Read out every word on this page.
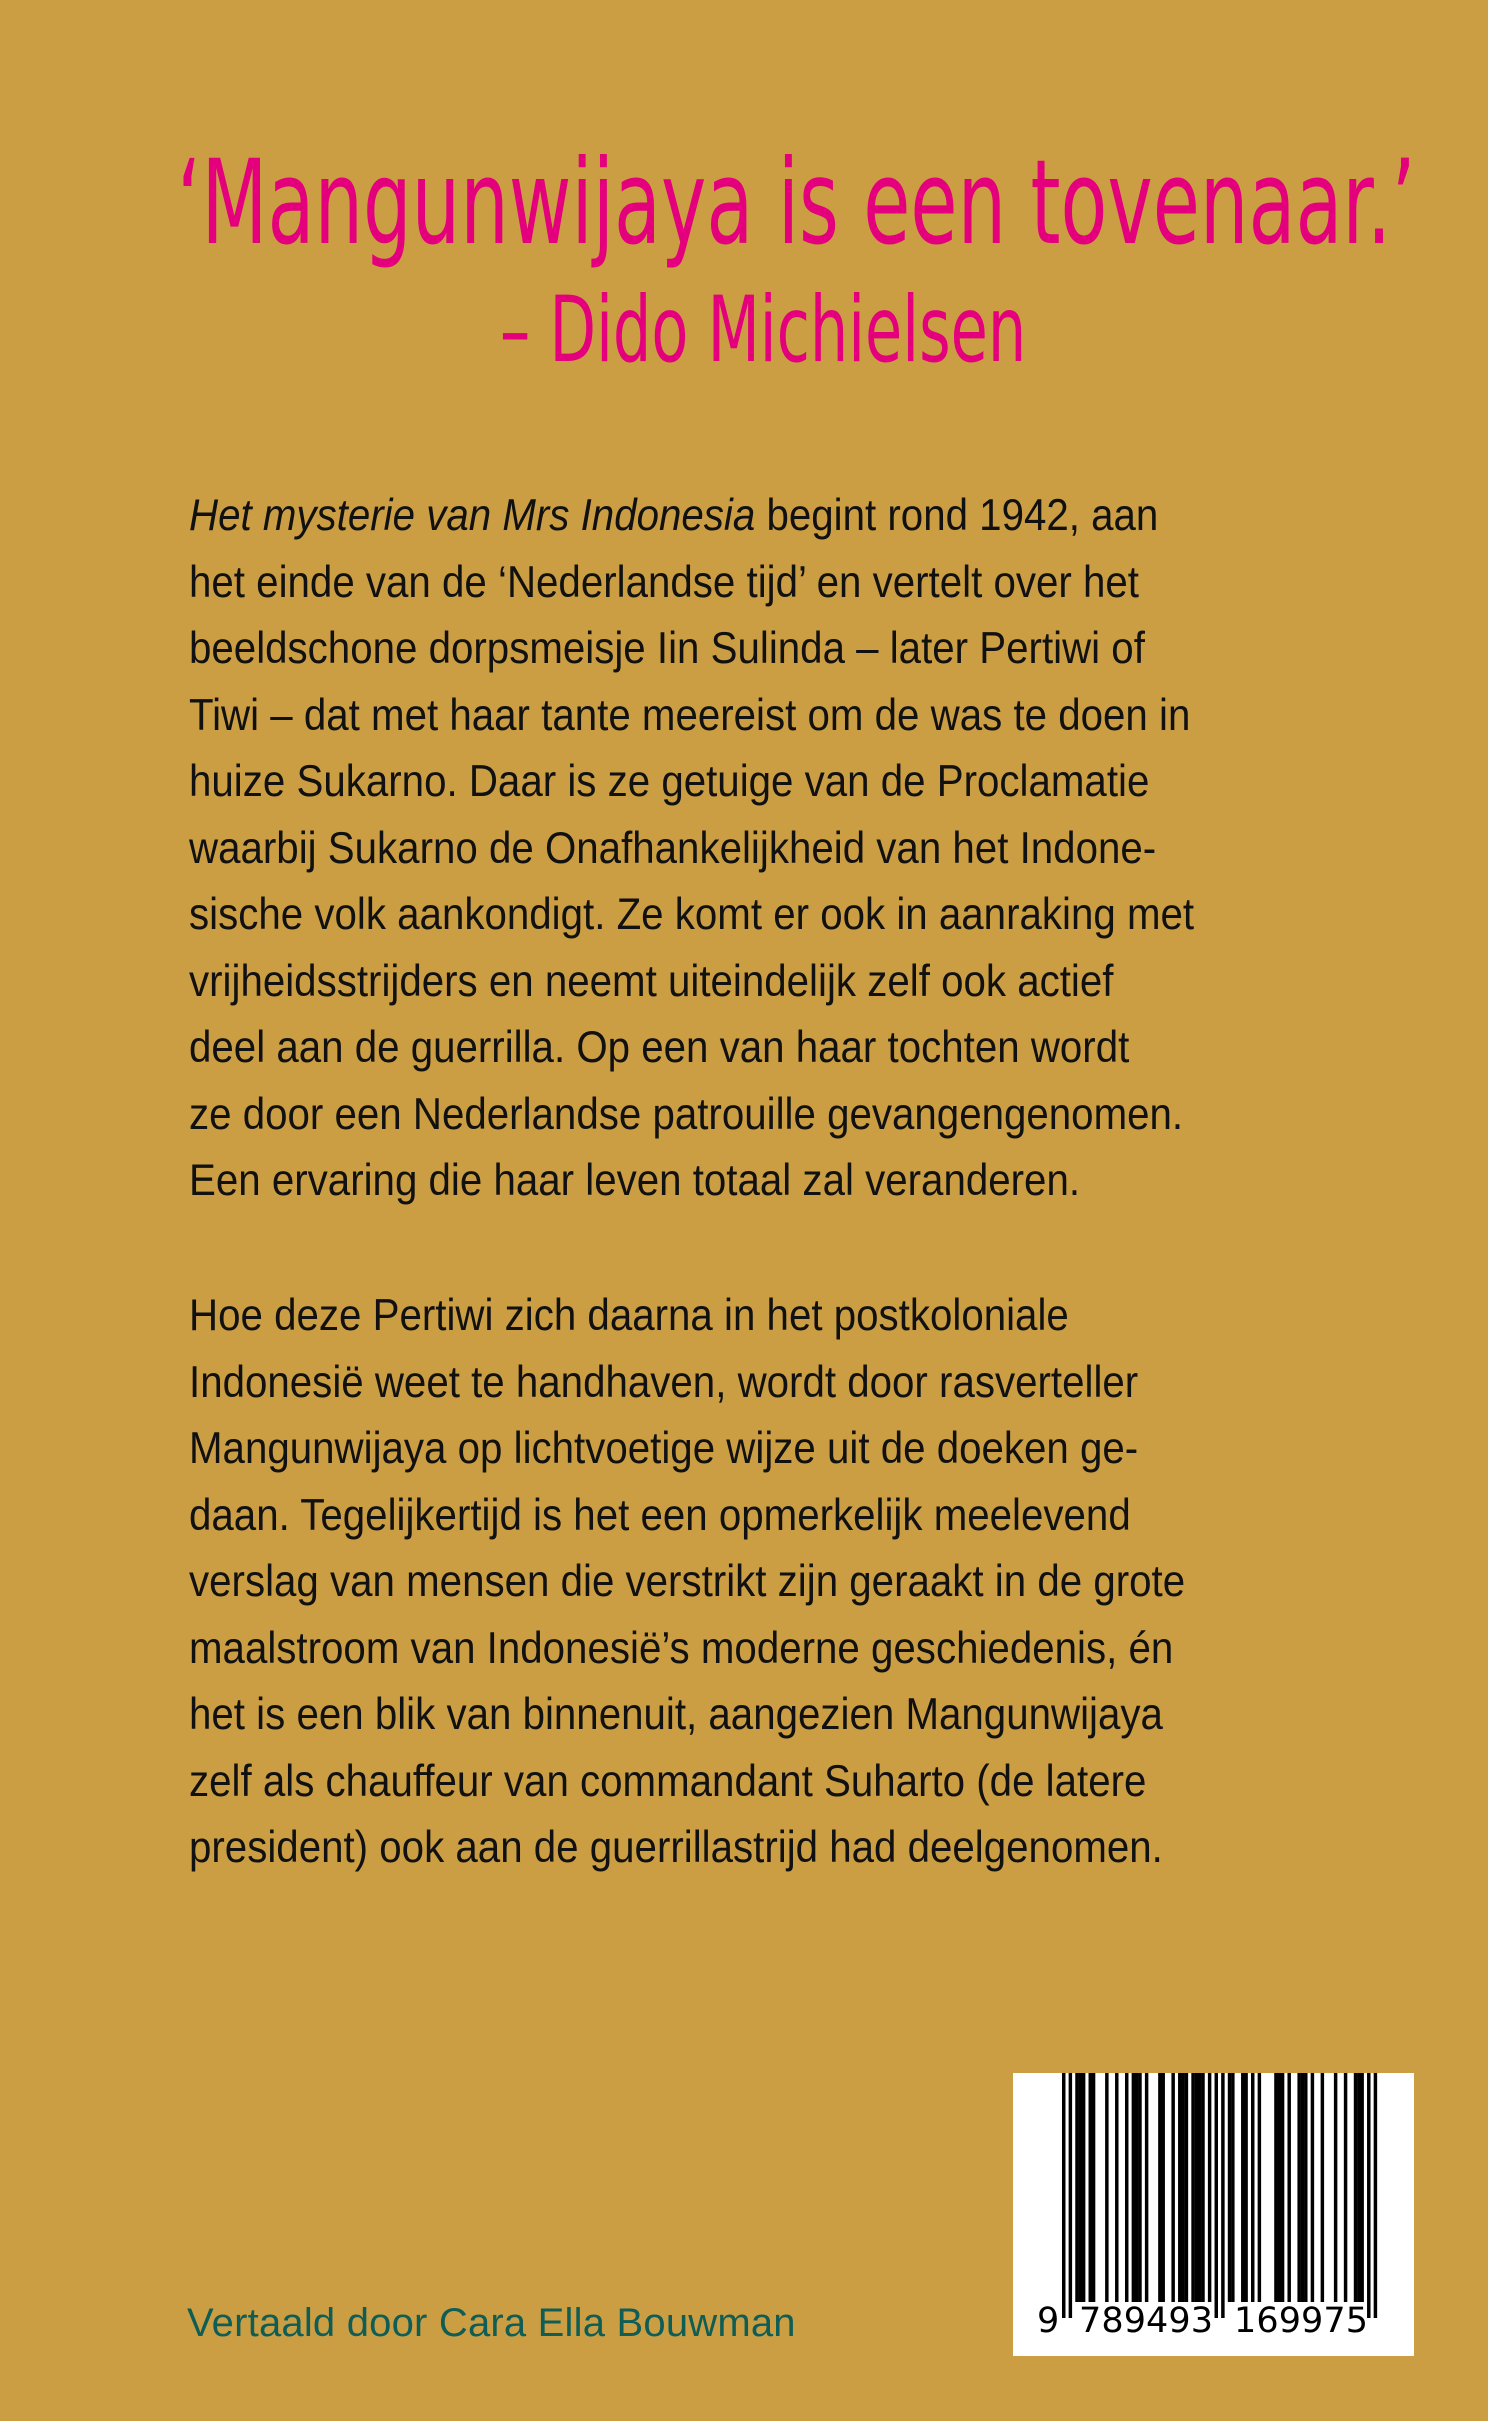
‘Mangunwijaya is een tovenaar.’
– Dido Michielsen
Het mysterie van Mrs Indonesia begint rond 1942, aan
het einde van de ‘Nederlandse tijd’ en vertelt over het
beeldschone dorpsmeisje Iin Sulinda – later Pertiwi of
Tiwi – dat met haar tante meereist om de was te doen in
huize Sukarno. Daar is ze getuige van de Proclamatie
waarbij Sukarno de Onafhankelijkheid van het Indone-
sische volk aankondigt. Ze komt er ook in aanraking met
vrijheidsstrijders en neemt uiteindelijk zelf ook actief
deel aan de guerrilla. Op een van haar tochten wordt
ze door een Nederlandse patrouille gevangengenomen.
Een ervaring die haar leven totaal zal veranderen.
Hoe deze Pertiwi zich daarna in het postkoloniale
Indonesië weet te handhaven, wordt door rasverteller
Mangunwijaya op lichtvoetige wijze uit de doeken ge-
daan. Tegelijkertijd is het een opmerkelijk meelevend
verslag van mensen die verstrikt zijn geraakt in de grote
maalstroom van Indonesië’s moderne geschiedenis, én
het is een blik van binnenuit, aangezien Mangunwijaya
zelf als chauffeur van commandant Suharto (de latere
president) ook aan de guerrillastrijd had deelgenomen.
Vertaald door Cara Ella Bouwman	9 789493 169975
